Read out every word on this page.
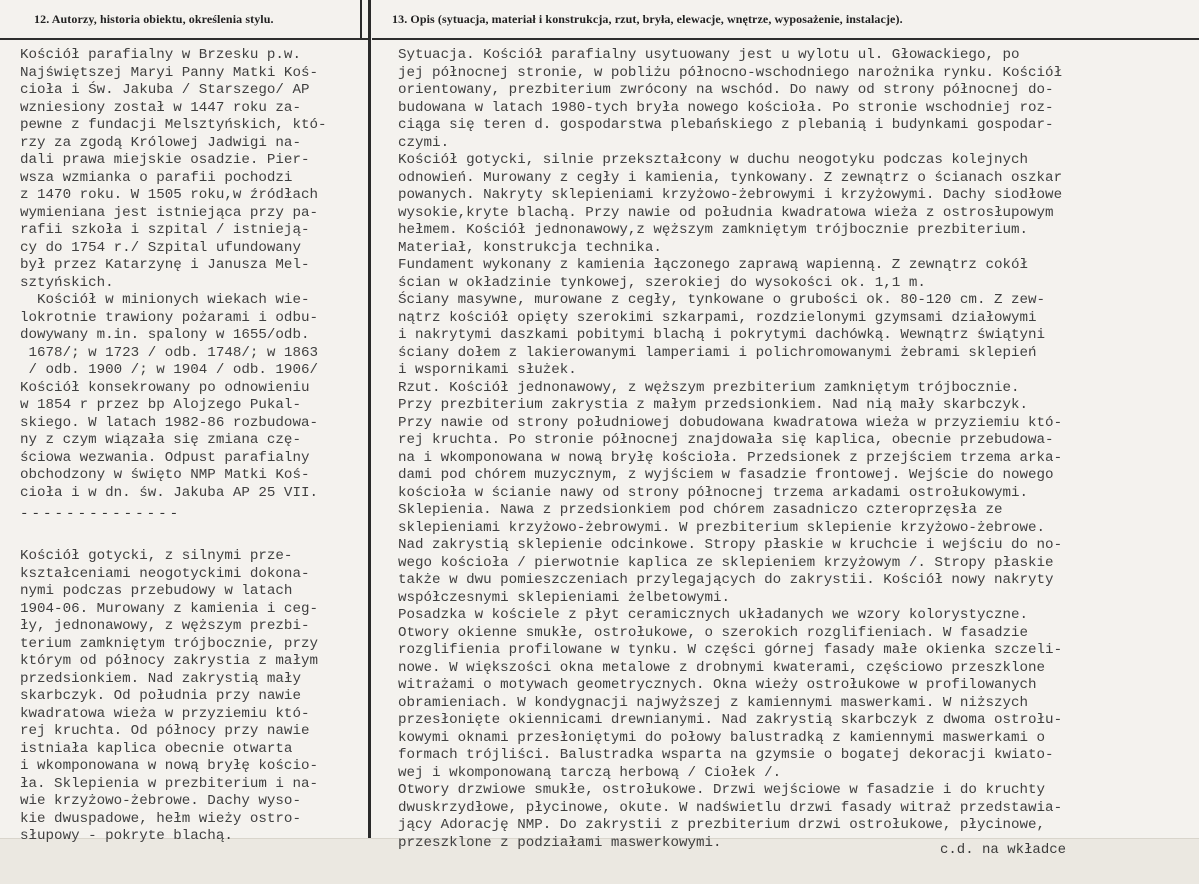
12. Autorzy, historia obiektu, określenia stylu.	13. Opis (sytuacja, materiał i konstrukcja, rzut, bryła, elewacje, wnętrze, wyposażenie, instalacje).
Kościół parafialny w Brzesku p.w.
Najświętszej Maryi Panny Matki Koś-
cioła i Św. Jakuba / Starszego/ AP
wzniesiony został w 1447 roku za-
pewne z fundacji Melsztyńskich, któ-
rzy za zgodą Królowej Jadwigi na-
dali prawa miejskie osadzie. Pier-
wsza wzmianka o parafii pochodzi
z 1470 roku. W 1505 roku,w źródłach
wymieniana jest istniejąca przy pa-
rafii szkoła i szpital / istnieją-
cy do 1754 r./ Szpital ufundowany
był przez Katarzynę i Janusza Mel-
sztyńskich.
Kościół w minionych wiekach wie-
lokrotnie trawiony pożarami i odbu-
dowywany m.in. spalony w 1655/odb.
1678/; w 1723 / odb. 1748/; w 1863
/ odb. 1900 /; w 1904 / odb. 1906/
Kościół konsekrowany po odnowieniu
w 1854 r przez bp Alojzego Pukal-
skiego. W latach 1982-86 rozbudowa-
ny z czym wiązała się zmiana czę-
ściowa wezwania. Odpust parafialny
obchodzony w święto NMP Matki Koś-
cioła i w dn. św. Jakuba AP 25 VII.
--------------
Kościół gotycki, z silnymi prze-
kształceniami neogotyckimi dokona-
nymi podczas przebudowy w latach
1904-06. Murowany z kamienia i ceg-
ły, jednonawowy, z węższym prezbi-
terium zamkniętym trójbocznie, przy
którym od północy zakrystia z małym
przedsionkiem. Nad zakrystią mały
skarbczyk. Od południa przy nawie
kwadratowa wieża w przyziemiu któ-
rej kruchta. Od północy przy nawie
istniała kaplica obecnie otwarta
i wkomponowana w nową bryłę kościo-
ła. Sklepienia w prezbiterium i na-
wie krzyżowo-żebrowe. Dachy wyso-
kie dwuspadowe, hełm wieży ostro-
słupowy - pokryte blachą.
Sytuacja. Kościół parafialny usytuowany jest u wylotu ul. Głowackiego, po
jej północnej stronie, w pobliżu północno-wschodniego narożnika rynku. Kościół
orientowany, prezbiterium zwrócony na wschód. Do nawy od strony północnej do-
budowana w latach 1980-tych bryła nowego kościoła. Po stronie wschodniej roz-
ciąga się teren d. gospodarstwa plebańskiego z plebanią i budynkami gospodar-
czymi.
Kościół gotycki, silnie przekształcony w duchu neogotyku podczas kolejnych
odnowień. Murowany z cegły i kamienia, tynkowany. Z zewnątrz o ścianach oszkar
powanych. Nakryty sklepieniami krzyżowo-żebrowymi i krzyżowymi. Dachy siodłowe
wysokie,kryte blachą. Przy nawie od południa kwadratowa wieża z ostrosłupowym
hełmem. Kościół jednonawowy,z węższym zamkniętym trójbocznie prezbiterium.
Materiał, konstrukcja technika.
Fundament wykonany z kamienia łączonego zaprawą wapienną. Z zewnątrz cokół
ścian w okładzinie tynkowej, szerokiej do wysokości ok. 1,1 m.
Ściany masywne, murowane z cegły, tynkowane o grubości ok. 80-120 cm. Z zew-
nątrz kościół opięty szerokimi szkarpami, rozdzielonymi gzymsami działowymi
i nakrytymi daszkami pobitymi blachą i pokrytymi dachówką. Wewnątrz świątyni
ściany dołem z lakierowanymi lamperiami i polichromowanymi żebrami sklepień
i wspornikami służek.
Rzut. Kościół jednonawowy, z węższym prezbiterium zamkniętym trójbocznie.
Przy prezbiterium zakrystia z małym przedsionkiem. Nad nią mały skarbczyk.
Przy nawie od strony południowej dobudowana kwadratowa wieża w przyziemiu któ-
rej kruchta. Po stronie północnej znajdowała się kaplica, obecnie przebudowa-
na i wkomponowana w nową bryłę kościoła. Przedsionek z przejściem trzema arka-
dami pod chórem muzycznym, z wyjściem w fasadzie frontowej. Wejście do nowego
kościoła w ścianie nawy od strony północnej trzema arkadami ostrołukowymi.
Sklepienia. Nawa z przedsionkiem pod chórem zasadniczo czteroprzęsła ze
sklepieniami krzyżowo-żebrowymi. W prezbiterium sklepienie krzyżowo-żebrowe.
Nad zakrystią sklepienie odcinkowe. Stropy płaskie w kruchcie i wejściu do no-
wego kościoła / pierwotnie kaplica ze sklepieniem krzyżowym /. Stropy płaskie
także w dwu pomieszczeniach przylegających do zakrystii. Kościół nowy nakryty
współczesnymi sklepieniami żelbetowymi.
Posadzka w kościele z płyt ceramicznych układanych we wzory kolorystyczne.
Otwory okienne smukłe, ostrołukowe, o szerokich rozglifieniach. W fasadzie
rozglifienia profilowane w tynku. W części górnej fasady małe okienka szczeli-
nowe. W większości okna metalowe z drobnymi kwaterami, częściowo przeszklone
witrażami o motywach geometrycznych. Okna wieży ostrołukowe w profilowanych
obramieniach. W kondygnacji najwyższej z kamiennymi maswerkami. W niższych
przesłonięte okiennicami drewnianymi. Nad zakrystią skarbczyk z dwoma ostrołu-
kowymi oknami przesłoniętymi do połowy balustradką z kamiennymi maswerkami o
formach trójliści. Balustradka wsparta na gzymsie o bogatej dekoracji kwiato-
wej i wkomponowaną tarczą herbową / Ciołek /.
Otwory drzwiowe smukłe, ostrołukowe. Drzwi wejściowe w fasadzie i do kruchty
dwuskrzydłowe, płycinowe, okute. W nadświetlu drzwi fasady witraż przedstawia-
jący Adorację NMP. Do zakrystii z prezbiterium drzwi ostrołukowe, płycinowe,
przeszklone z podziałami maswerkowymi.	c.d. na wkładce
